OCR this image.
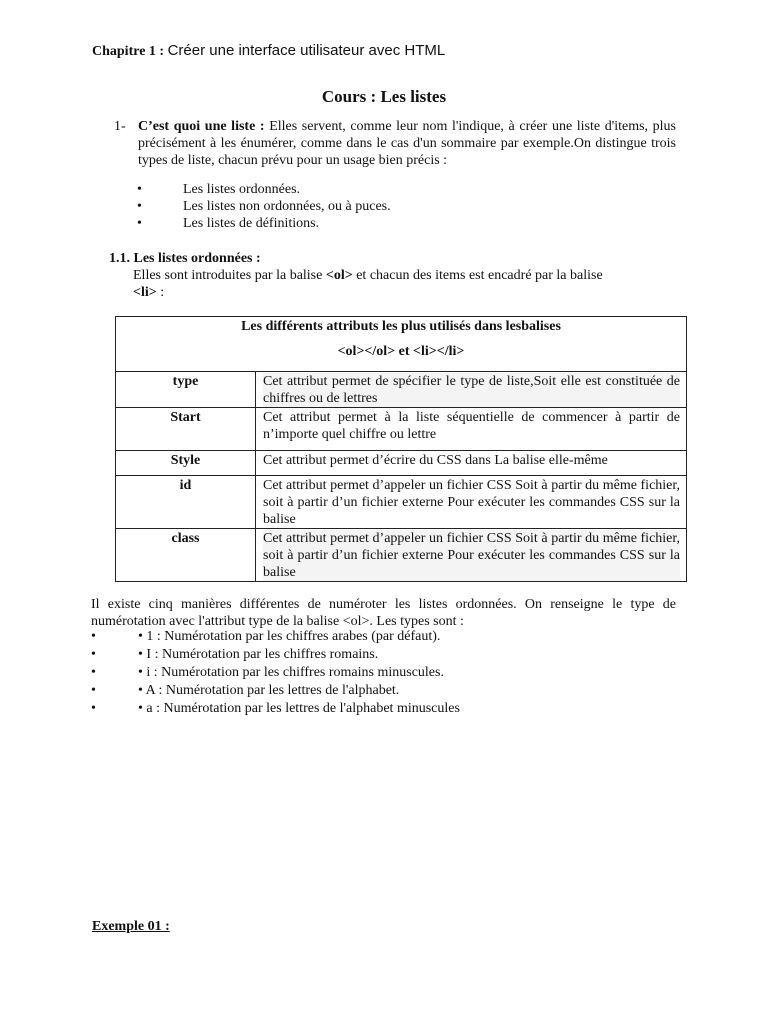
Chapitre 1 : Créer une interface utilisateur avec HTML
Cours : Les listes
1- C’est quoi une liste : Elles servent, comme leur nom l'indique, à créer une liste d'items, plus précisément à les énumérer, comme dans le cas d'un sommaire par exemple.On distingue trois types de liste, chacun prévu pour un usage bien précis :
•	Les listes ordonnées.
•	Les listes non ordonnées, ou à puces.
•	Les listes de définitions.
1.1. Les listes ordonnées :
Elles sont introduites par la balise <ol> et chacun des items est encadré par la balise
<li> :
Les différents attributs les plus utilisés dans lesbalises
<ol></ol> et <li></li>	

type	Cet attribut permet de spécifier le type de liste,Soit elle est constituée de chiffres ou de lettres

Start	Cet attribut permet à la liste séquentielle de commencer à partir de n’importe quel chiffre ou lettre
Style	Cet attribut permet d’écrire du CSS dans La balise elle-même
id	Cet attribut permet d’appeler un fichier CSS Soit à partir du même fichier, soit à partir d’un fichier externe Pour exécuter les commandes CSS sur la balise
class	Cet attribut permet d’appeler un fichier CSS Soit à partir du même fichier, soit à partir d’un fichier externe Pour exécuter les commandes CSS sur la balise
Il existe cinq manières différentes de numéroter les listes ordonnées. On renseigne le type de numérotation avec l'attribut type de la balise <ol>. Les types sont :
•	• 1 : Numérotation par les chiffres arabes (par défaut).
•	• I : Numérotation par les chiffres romains.
•	• i : Numérotation par les chiffres romains minuscules.
•	• A : Numérotation par les lettres de l'alphabet.
•	• a : Numérotation par les lettres de l'alphabet minuscules
Exemple 01 :
